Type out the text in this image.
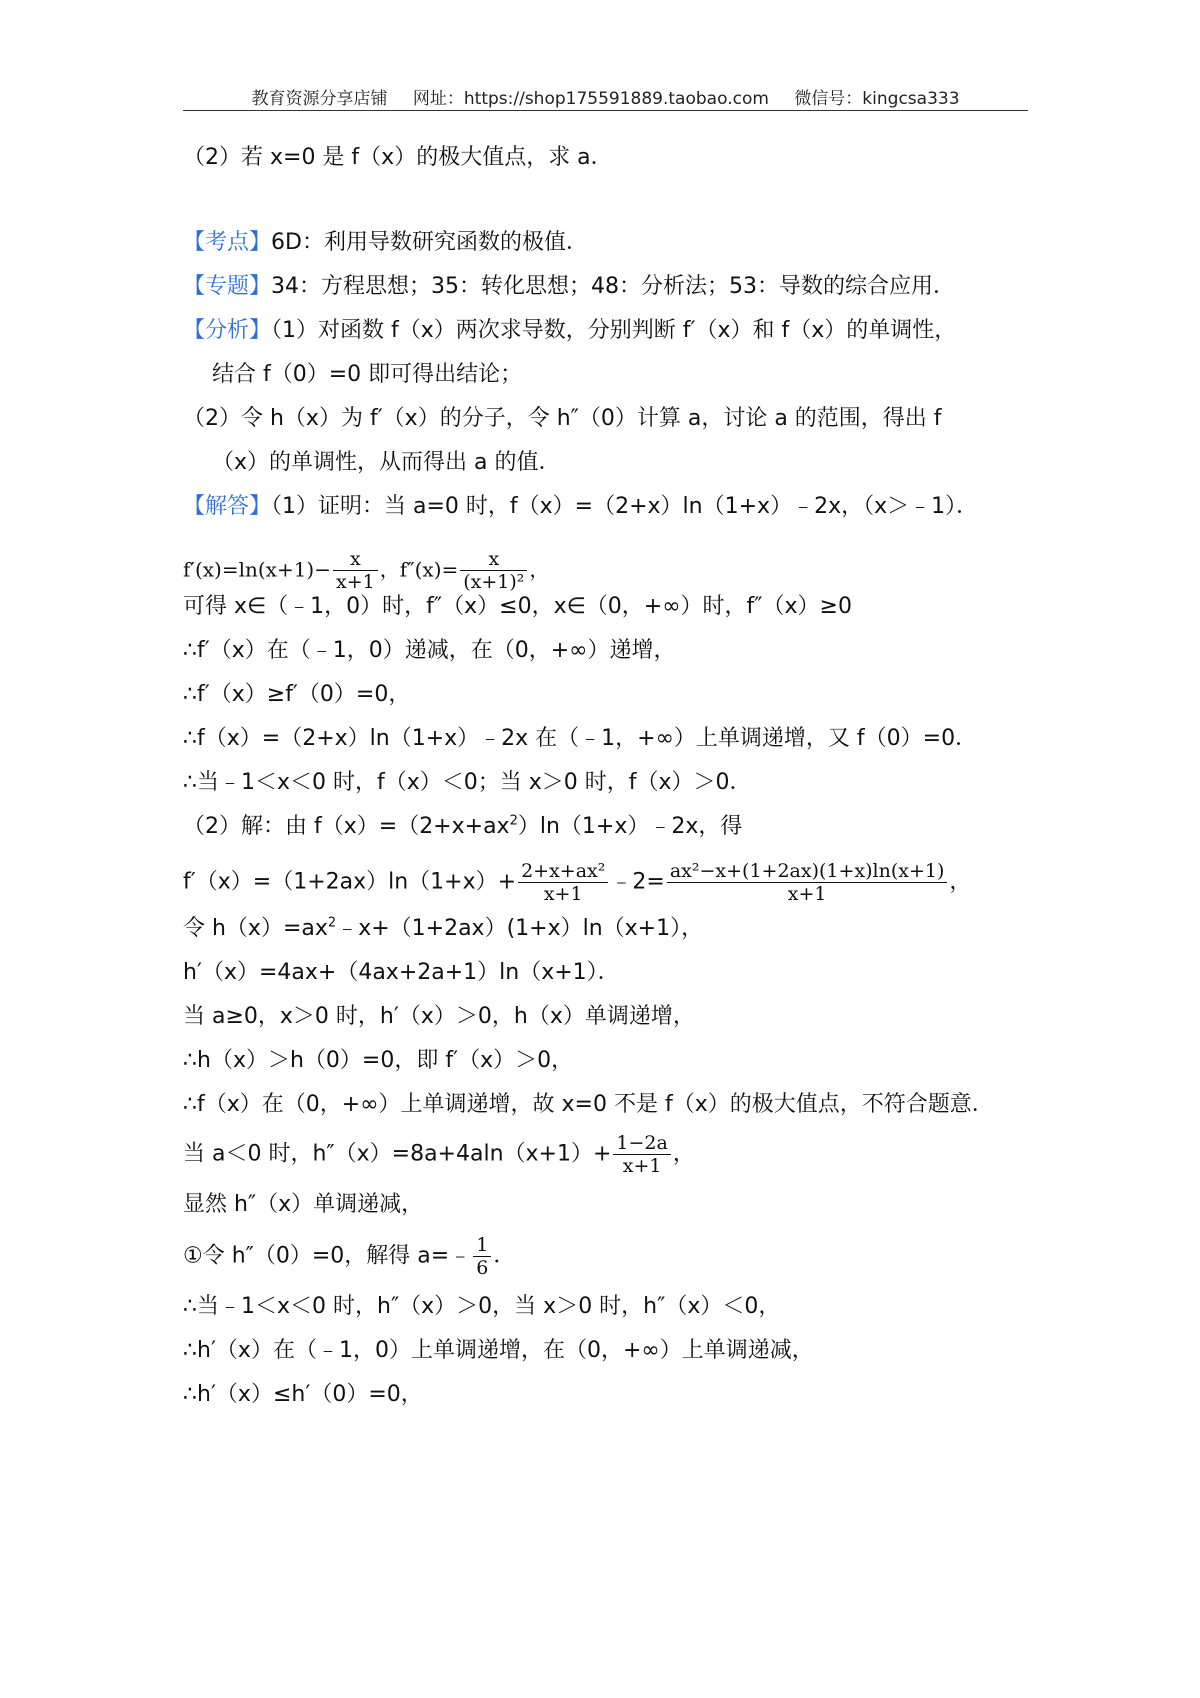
教育资源分享店铺 网址：https://shop175591889.taobao.com 微信号：kingcsa333
（2）若 x=0 是 f（x）的极大值点，求 a．
【考点】6D：利用导数研究函数的极值．
【专题】34：方程思想；35：转化思想；48：分析法；53：导数的综合应用．
【分析】（1）对函数 f（x）两次求导数，分别判断 f′（x）和 f（x）的单调性，
结合 f（0）=0 即可得出结论；
（2）令 h（x）为 f′（x）的分子，令 h″（0）计算 a，讨论 a 的范围，得出 f
（x）的单调性，从而得出 a 的值．
【解答】（1）证明：当 a=0 时，f（x）=（2+x）ln（1+x）﹣2x，（x＞﹣1）．
$f'(x)=\ln(x+1)- \frac{x}{x+1}$ ，$f''(x)= \frac{x}{\text{(x+1)²}}$ ，
可得 x∈（﹣1，0）时，f″（x）≤0，x∈（0，+∞）时，f″（x）≥0
∴f′（x）在（﹣1，0）递减，在（0，+∞）递增，
∴f′（x）≥f′（0）=0，
∴f（x）=（2+x）ln（1+x）﹣2x 在（﹣1，+∞）上单调递增，又 f（0）=0．
∴当﹣1＜x＜0 时，f（x）＜0；当 x＞0 时，f（x）＞0．
（2）解：由 $f(x)=(2+x+ax^2)\ln(1+x)﹣2x$，得
$f'(x)=(1+2ax)\ln(1+x)+ \frac{\text{2+x+ax²}}{x+1}$ ﹣2= $\frac{\text{ax²−x+(1+2ax)(1+x)ln(x+1)}}{x+1}$ ，
令 $h(x)=ax^2﹣x+(1+2ax)(1+x)\ln(x+1)$，
h′（x）=4ax+（4ax+2a+1）ln（x+1）．
当 a≥0，x＞0 时，h′（x）＞0，h（x）单调递增，
∴h（x）＞h（0）=0，即 f′（x）＞0，
∴f（x）在（0，+∞）上单调递增，故 x=0 不是 f（x）的极大值点，不符合题意．
当 a＜0 时，$h''(x)=8a+4aln(x+1)+ \frac{1-2a}{x+1}$ ，
显然 h″（x）单调递减，
①令 h″（0）=0，解得 a=﹣ $\frac{1}{6}$ ．
∴当﹣1＜x＜0 时，h″（x）＞0，当 x＞0 时，h″（x）＜0，
∴h′（x）在（﹣1，0）上单调递增，在（0，+∞）上单调递减，
∴h′（x）≤h′（0）=0，
